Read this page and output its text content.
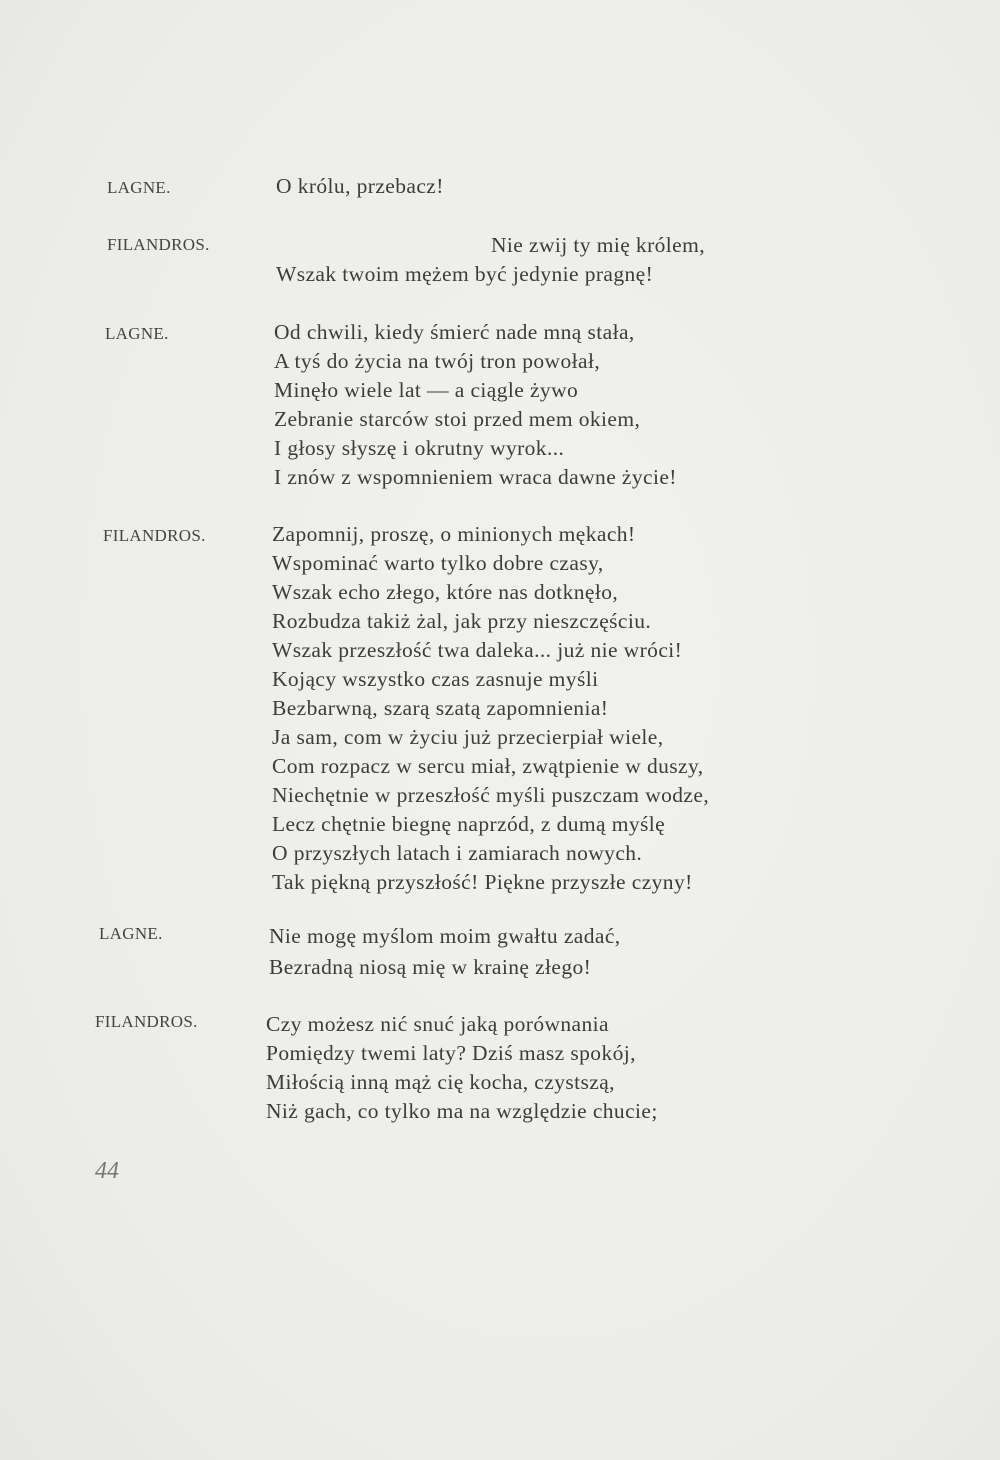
LAGNE.	O królu, przebacz!
FILANDROS.	Nie zwij ty mię królem,
Wszak twoim mężem być jedynie pragnę!
LAGNE.	Od chwili, kiedy śmierć nade mną stała,
A tyś do życia na twój tron powołał,
Minęło wiele lat — a ciągle żywo
Zebranie starców stoi przed mem okiem,
I głosy słyszę i okrutny wyrok...
I znów z wspomnieniem wraca dawne życie!
FILANDROS.	Zapomnij, proszę, o minionych mękach!
Wspominać warto tylko dobre czasy,
Wszak echo złego, które nas dotknęło,
Rozbudza takiż żal, jak przy nieszczęściu.
Wszak przeszłość twa daleka... już nie wróci!
Kojący wszystko czas zasnuje myśli
Bezbarwną, szarą szatą zapomnienia!
Ja sam, com w życiu już przecierpiał wiele,
Com rozpacz w sercu miał, zwątpienie w duszy,
Niechętnie w przeszłość myśli puszczam wodze,
Lecz chętnie biegnę naprzód, z dumą myślę
O przyszłych latach i zamiarach nowych.
Tak piękną przyszłość! Piękne przyszłe czyny!
LAGNE.	Nie mogę myślom moim gwałtu zadać,
Bezradną niosą mię w krainę złego!
FILANDROS.	Czy możesz nić snuć jaką porównania
Pomiędzy twemi laty? Dziś masz spokój,
Miłością inną mąż cię kocha, czystszą,
Niż gach, co tylko ma na względzie chucie;
44
